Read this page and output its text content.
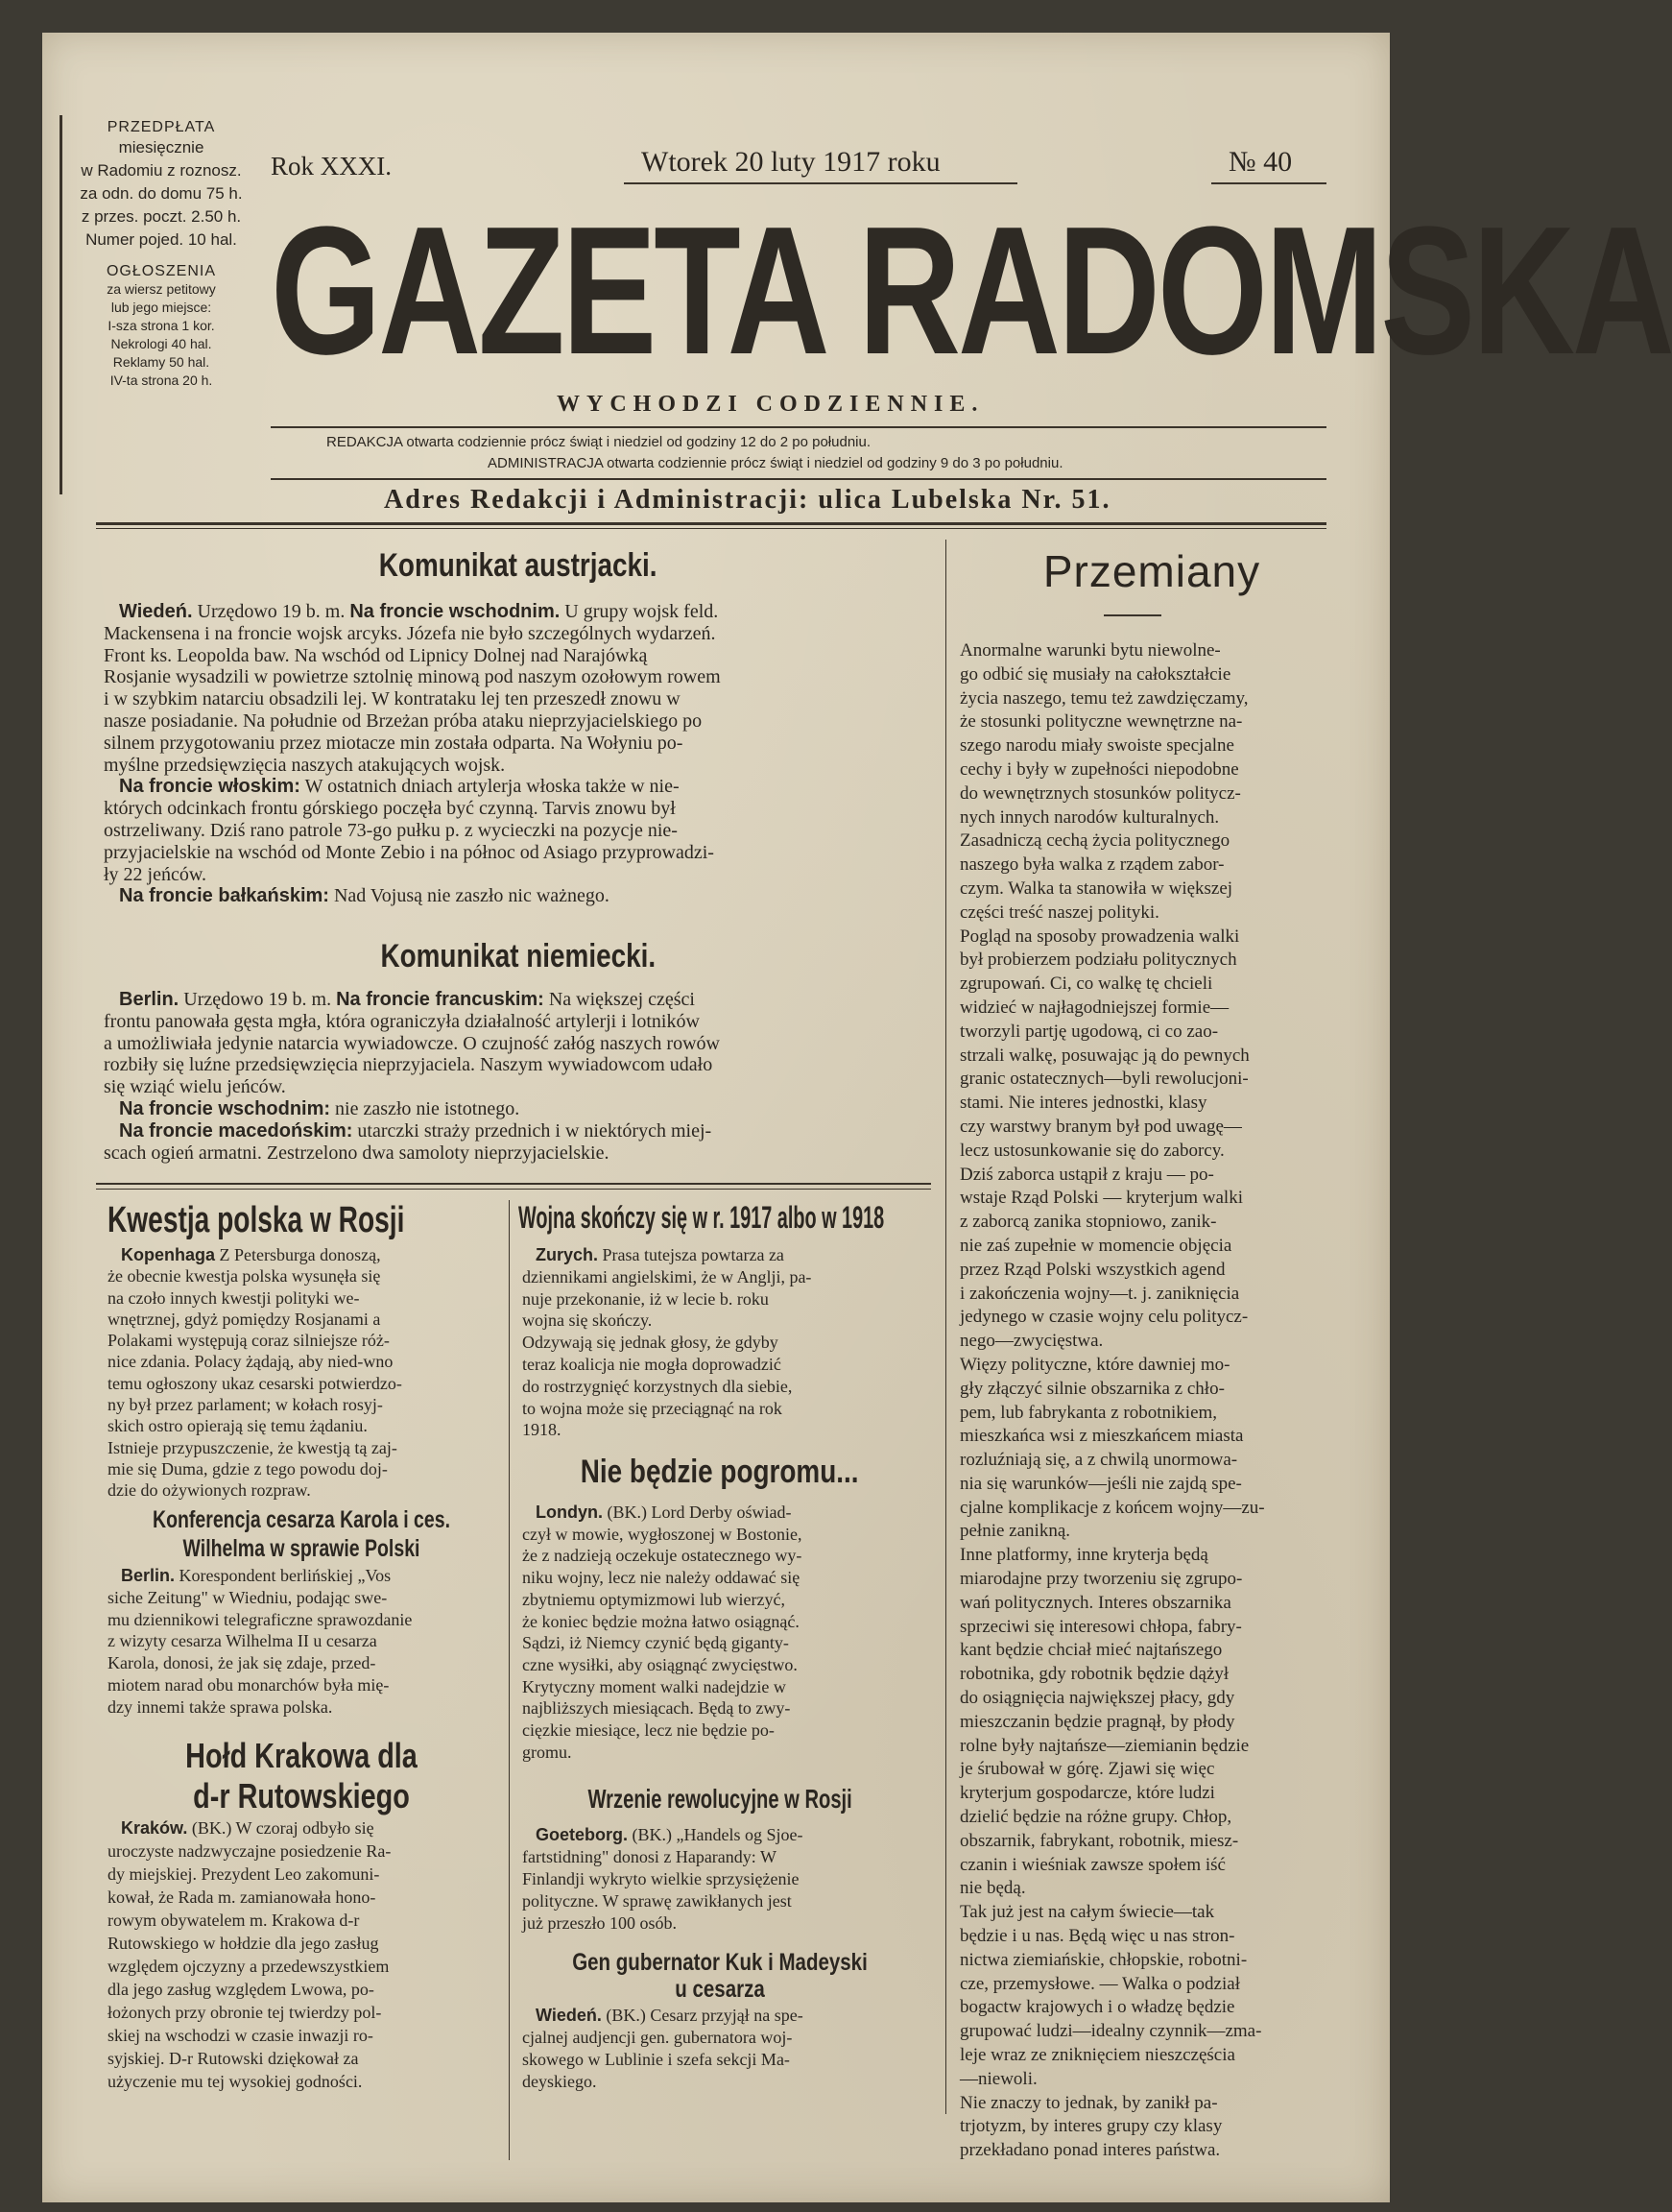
PRZEDPŁATA
miesięcznie
w Radomiu z roznosz.
za odn. do domu 75 h.
z przes. poczt. 2.50 h.
Numer pojed. 10 hal.
OGŁOSZENIA
za wiersz petitowy
lub jego miejsce:
I-sza strona 1 kor.
Nekrologi 40 hal.
Reklamy 50 hal.
IV-ta strona 20 h.
Rok XXXI.	Wtorek 20 luty 1917 roku	№ 40
GAZETA RADOMSKA
WYCHODZI CODZIENNIE.
REDAKCJA otwarta codziennie prócz świąt i niedziel od godziny 12 do 2 po południu.
ADMINISTRACJA otwarta codziennie prócz świąt i niedziel od godziny 9 do 3 po południu.
Adres Redakcji i Administracji: ulica Lubelska Nr. 51.
Komunikat austrjacki.

Wiedeń. Urzędowo 19 b. m. Na froncie wschodnim. U grupy wojsk feld.

Mackensena i na froncie wojsk arcyks. Józefa nie było szczególnych wydarzeń.

Front ks. Leopolda baw. Na wschód od Lipnicy Dolnej nad Narajówką

Rosjanie wysadzili w powietrze sztolnię minową pod naszym ozołowym rowem

i w szybkim natarciu obsadzili lej. W kontrataku lej ten przeszedł znowu w

nasze posiadanie. Na południe od Brzeżan próba ataku nieprzyjacielskiego po

silnem przygotowaniu przez miotacze min została odparta. Na Wołyniu po-

myślne przedsięwzięcia naszych atakujących wojsk.

Na froncie włoskim: W ostatnich dniach artylerja włoska także w nie-

których odcinkach frontu górskiego poczęła być czynną. Tarvis znowu był

ostrzeliwany. Dziś rano patrole 73-go pułku p. z wycieczki na pozycje nie-

przyjacielskie na wschód od Monte Zebio i na północ od Asiago przyprowadzi-

ły 22 jeńców.

Na froncie bałkańskim: Nad Vojusą nie zaszło nic ważnego.

Komunikat niemiecki.

Berlin. Urzędowo 19 b. m. Na froncie francuskim: Na większej części

frontu panowała gęsta mgła, która ograniczyła działalność artylerji i lotników

a umożliwiała jedynie natarcia wywiadowcze. O czujność załóg naszych rowów

rozbiły się luźne przedsięwzięcia nieprzyjaciela. Naszym wywiadowcom udało

się wziąć wielu jeńców.

Na froncie wschodnim: nie zaszło nie istotnego.

Na froncie macedońskim: utarczki straży przednich i w niektórych miej-

scach ogień armatni. Zestrzelono dwa samoloty nieprzyjacielskie.

Przemiany

Anormalne warunki bytu niewolne-

go odbić się musiały na całokształcie

życia naszego, temu też zawdzięczamy,

że stosunki polityczne wewnętrzne na-

szego narodu miały swoiste specjalne

cechy i były w zupełności niepodobne

do wewnętrznych stosunków politycz-

nych innych narodów kulturalnych.

Zasadniczą cechą życia politycznego

naszego była walka z rządem zabor-

czym. Walka ta stanowiła w większej

części treść naszej polityki.

Pogląd na sposoby prowadzenia walki

był probierzem podziału politycznych

zgrupowań. Ci, co walkę tę chcieli

widzieć w najłagodniejszej formie—

tworzyli partję ugodową, ci co zao-

strzali walkę, posuwając ją do pewnych

granic ostatecznych—byli rewolucjoni-

stami. Nie interes jednostki, klasy

czy warstwy branym był pod uwagę—

lecz ustosunkowanie się do zaborcy.

Dziś zaborca ustąpił z kraju — po-

wstaje Rząd Polski — kryterjum walki

z zaborcą zanika stopniowo, zanik-

nie zaś zupełnie w momencie objęcia

przez Rząd Polski wszystkich agend

i zakończenia wojny—t. j. zaniknięcia

jedynego w czasie wojny celu politycz-

nego—zwycięstwa.

Więzy polityczne, które dawniej mo-

gły złączyć silnie obszarnika z chło-

pem, lub fabrykanta z robotnikiem,

mieszkańca wsi z mieszkańcem miasta

rozluźniają się, a z chwilą unormowa-

nia się warunków—jeśli nie zajdą spe-

cjalne komplikacje z końcem wojny—zu-

pełnie zanikną.

Inne platformy, inne kryterja będą

miarodajne przy tworzeniu się zgrupo-

wań politycznych. Interes obszarnika

sprzeciwi się interesowi chłopa, fabry-

kant będzie chciał mieć najtańszego

robotnika, gdy robotnik będzie dążył

do osiągnięcia największej płacy, gdy

mieszczanin będzie pragnął, by płody

rolne były najtańsze—ziemianin będzie

je śrubował w górę. Zjawi się więc

kryterjum gospodarcze, które ludzi

dzielić będzie na różne grupy. Chłop,

obszarnik, fabrykant, robotnik, miesz-

czanin i wieśniak zawsze społem iść

nie będą.

Tak już jest na całym świecie—tak

będzie i u nas. Będą więc u nas stron-

nictwa ziemiańskie, chłopskie, robotni-

cze, przemysłowe. — Walka o podział

bogactw krajowych i o władzę będzie

grupować ludzi—idealny czynnik—zma-

leje wraz ze zniknięciem nieszczęścia

—niewoli.

Nie znaczy to jednak, by zanikł pa-

trjotyzm, by interes grupy czy klasy

przekładano ponad interes państwa.

Kwestja polska w Rosji

Kopenhaga Z Petersburga donoszą,

że obecnie kwestja polska wysunęła się

na czoło innych kwestji polityki we-

wnętrznej, gdyż pomiędzy Rosjanami a

Polakami występują coraz silniejsze róż-

nice zdania. Polacy żądają, aby nied-wno

temu ogłoszony ukaz cesarski potwierdzo-

ny był przez parlament; w kołach rosyj-

skich ostro opierają się temu żądaniu.

Istnieje przypuszczenie, że kwestją tą zaj-

mie się Duma, gdzie z tego powodu doj-

dzie do ożywionych rozpraw.

Konferencja cesarza Karola i ces.
Wilhelma w sprawie Polski

Berlin. Korespondent berlińskiej „Vos

siche Zeitung" w Wiedniu, podając swe-

mu dziennikowi telegraficzne sprawozdanie

z wizyty cesarza Wilhelma II u cesarza

Karola, donosi, że jak się zdaje, przed-

miotem narad obu monarchów była mię-

dzy innemi także sprawa polska.

Hołd Krakowa dla
d-r Rutowskiego

Kraków. (BK.) W czoraj odbyło się

uroczyste nadzwyczajne posiedzenie Ra-

dy miejskiej. Prezydent Leo zakomuni-

kował, że Rada m. zamianowała hono-

rowym obywatelem m. Krakowa d-r

Rutowskiego w hołdzie dla jego zasług

względem ojczyzny a przedewszystkiem

dla jego zasług względem Lwowa, po-

łożonych przy obronie tej twierdzy pol-

skiej na wschodzi w czasie inwazji ro-

syjskiej. D-r Rutowski dziękował za

użyczenie mu tej wysokiej godności.

Wojna skończy się w r. 1917 albo w 1918

Zurych. Prasa tutejsza powtarza za

dziennikami angielskimi, że w Anglji, pa-

nuje przekonanie, iż w lecie b. roku

wojna się skończy.

Odzywają się jednak głosy, że gdyby

teraz koalicja nie mogła doprowadzić

do rostrzygnięć korzystnych dla siebie,

to wojna może się przeciągnąć na rok

1918.

Nie będzie pogromu...

Londyn. (BK.) Lord Derby oświad-

czył w mowie, wygłoszonej w Bostonie,

że z nadzieją oczekuje ostatecznego wy-

niku wojny, lecz nie należy oddawać się

zbytniemu optymizmowi lub wierzyć,

że koniec będzie można łatwo osiągnąć.

Sądzi, iż Niemcy czynić będą giganty-

czne wysiłki, aby osiągnąć zwycięstwo.

Krytyczny moment walki nadejdzie w

najbliższych miesiącach. Będą to zwy-

cięzkie miesiące, lecz nie będzie po-

gromu.

Wrzenie rewolucyjne w Rosji

Goeteborg. (BK.) „Handels og Sjoe-

fartstidning" donosi z Haparandy: W

Finlandji wykryto wielkie sprzysiężenie

polityczne. W sprawę zawikłanych jest

już przeszło 100 osób.

Gen gubernator Kuk i Madeyski
u cesarza

Wiedeń. (BK.) Cesarz przyjął na spe-

cjalnej audjencji gen. gubernatora woj-

skowego w Lublinie i szefa sekcji Ma-

deyskiego.
